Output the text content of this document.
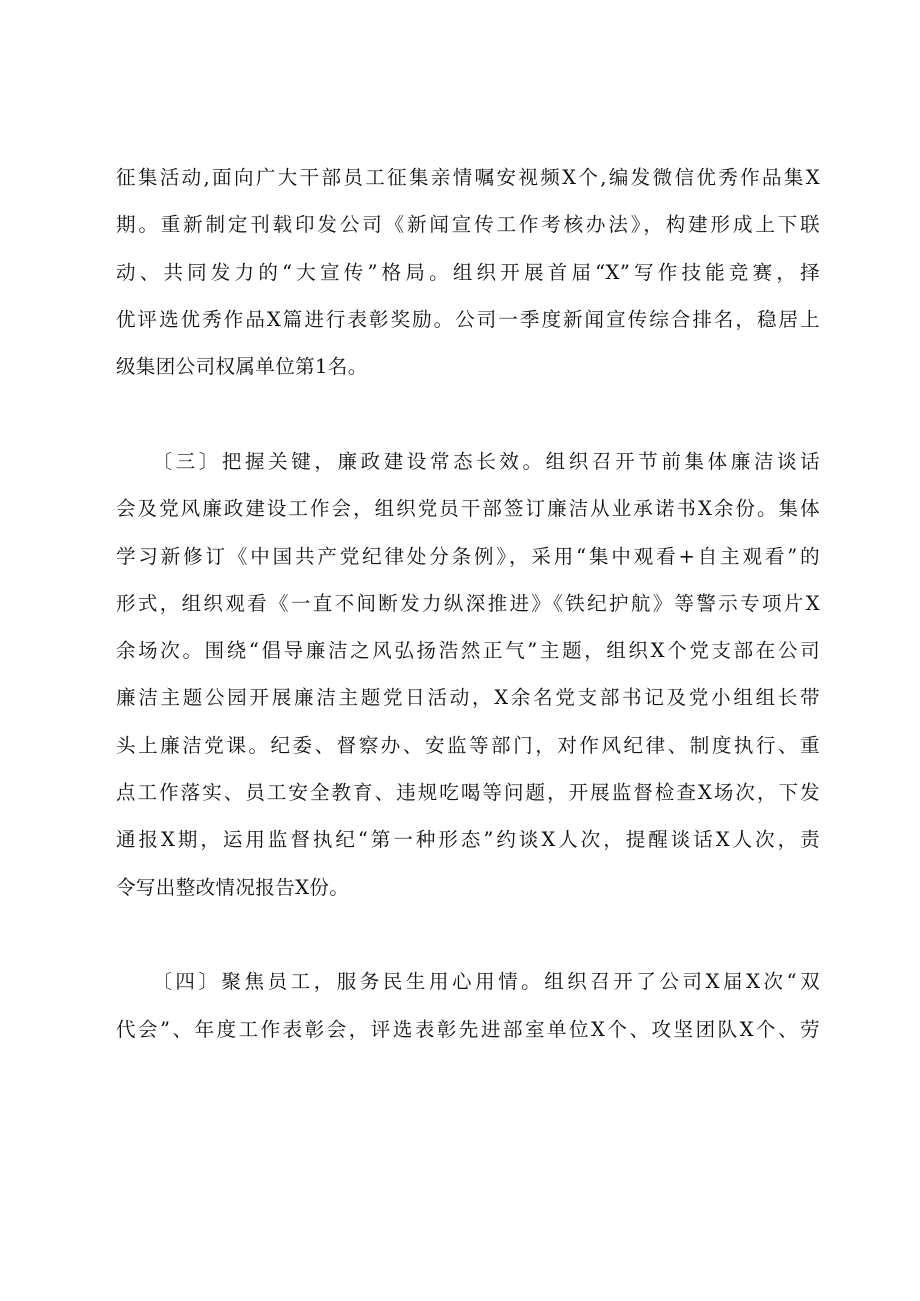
征集活动,面向广大干部员工征集亲情嘱安视频X个,编发微信优秀作品集X
期。重新制定刊载印发公司《新闻宣传工作考核办法》，构建形成上下联
动、共同发力的“大宣传”格局。组织开展首届“X”写作技能竞赛，择
优评选优秀作品X篇进行表彰奖励。公司一季度新闻宣传综合排名，稳居上
级集团公司权属单位第1名。
　　〔三〕把握关键，廉政建设常态长效。组织召开节前集体廉洁谈话
会及党风廉政建设工作会，组织党员干部签订廉洁从业承诺书X余份。集体
学习新修订《中国共产党纪律处分条例》，采用“集中观看+自主观看”的
形式，组织观看《一直不间断发力纵深推进》《铁纪护航》等警示专项片X
余场次。围绕“倡导廉洁之风弘扬浩然正气”主题，组织X个党支部在公司
廉洁主题公园开展廉洁主题党日活动，X余名党支部书记及党小组组长带
头上廉洁党课。纪委、督察办、安监等部门，对作风纪律、制度执行、重
点工作落实、员工安全教育、违规吃喝等问题，开展监督检查X场次，下发
通报X期，运用监督执纪“第一种形态”约谈X人次，提醒谈话X人次，责
令写出整改情况报告X份。
　　〔四〕聚焦员工，服务民生用心用情。组织召开了公司X届X次“双
代会”、年度工作表彰会，评选表彰先进部室单位X个、攻坚团队X个、劳
